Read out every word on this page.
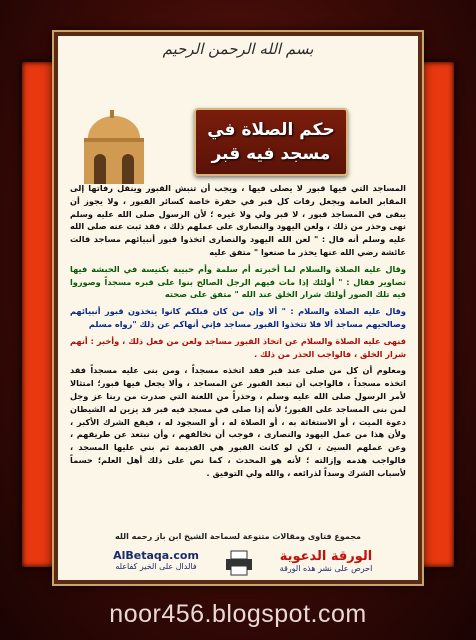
بسم الله الرحمن الرحيم
حكم الصلاة في
مسجد فيه قبر

المساجد التي فيها قبور لا يصلى فيها ، ويجب أن تنبش القبور وينقل رفاتها إلى المقابر العامة ويجعل رفات كل قبر في حفرة خاصة كسائر القبور ، ولا يجوز أن يبقى في المساجد قبور ، لا قبر ولي ولا غيره ؛ لأن الرسول صلى الله عليه وسلم نهى وحذر من ذلك ، ولعن اليهود والنصارى على عملهم ذلك ، فقد ثبت عنه صلى الله عليه وسلم أنه قال : " لعن الله اليهود والنصارى اتخذوا قبور أنبيائهم مساجد قالت عائشة رضي الله عنها يحذر ما صنعوا " متفق عليه

وقال عليه الصلاة والسلام لما أخبرته أم سلمة وأم حبيبة بكنيسة في الحبشة فيها تصاوير فقال : " أولئك إذا مات فيهم الرجل الصالح بنوا على قبره مسجداً وصوروا فيه تلك الصور أولئك شرار الخلق عند الله " متفق على صحته

وقال عليه الصلاة والسلام : " ألا وإن من كان قبلكم كانوا يتخذون قبور أنبيائهم وصالحيهم مساجد ألا فلا تتخذوا القبور مساجد فإني أنهاكم عن ذلك "رواه مسلم

فنهى عليه الصلاة والسلام عن اتخاذ القبور مساجد ولعن من فعل ذلك ، وأخبر : أنهم شرار الخلق ، فالواجب الحذر من ذلك .

ومعلوم أن كل من صلى عند قبر فقد اتخذه مسجداً ، ومن بنى عليه مسجداً فقد اتخذه مسجداً ، فالواجب أن تبعد القبور عن المساجد ، وألا يجعل فيها قبور؛ امتثالا لأمر الرسول صلى الله عليه وسلم ، وحذراً من اللعنة التي صدرت من ربنا عز وجل لمن بنى المساجد على القبور؛ لأنه إذا صلى في مسجد فيه قبر قد يزين له الشيطان دعوة الميت ، أو الاستغاثة به ، أو الصلاة له ، أو السجود له ، فيقع الشرك الأكبر ، ولأن هذا من عمل اليهود والنصارى ، فوجب أن نخالفهم ، وأن نبتعد عن طريقهم ، وعن عملهم السيئ ، لكن لو كانت القبور هي القديمة ثم بني عليها المسجد ، فالواجب هدمه وإزالته ؛ لأنه هو المحدث ، كما نص على ذلك أهل العلم؛ حسماً لأسباب الشرك وسداً لذرائعه ، والله ولي التوفيق .

مجموع فتاوى ومقالات متنوعة لسماحة الشيخ ابن باز رحمه الله
AlBetaqa.com
فالدال على الخير كفاعله
الورقة الدعوية
احرص على نشر هذه الورقة
noor456.blogspot.com
